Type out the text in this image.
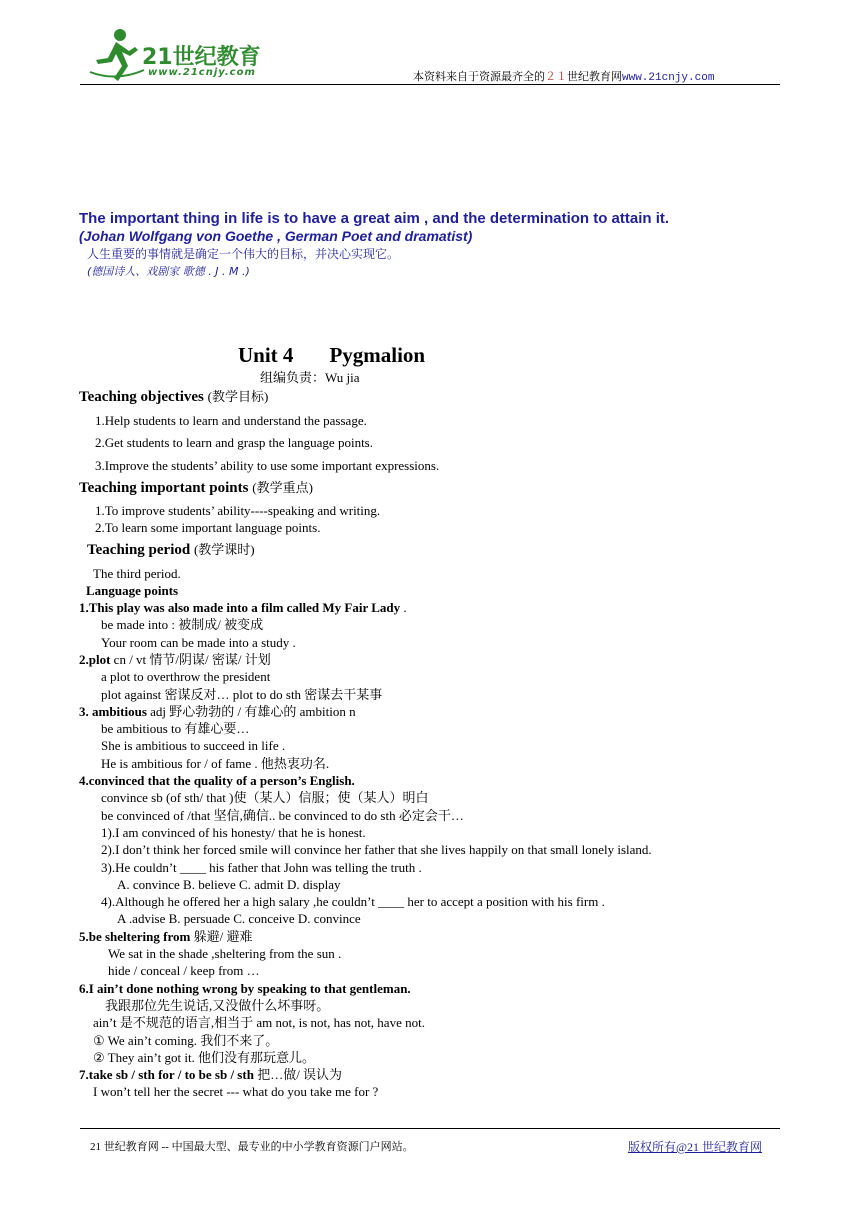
21世纪教育
www.21cnjy.com	本资料来自于资源最齐全的２１世纪教育网www.21cnjy.com
The important thing in life is to have a great aim , and the determination to attain it.
(Johan Wolfgang von Goethe , German Poet and dramatist)
人生重要的事情就是确定一个伟大的目标，并决心实现它。
(德国诗人、戏剧家 歌德 . J . M .)
Unit 4 Pygmalion
组编负责：Wu jia
Teaching objectives (教学目标)
1.Help students to learn and understand the passage.
2.Get students to learn and grasp the language points.
3.Improve the students’ ability to use some important expressions.
Teaching important points (教学重点)
1.To improve students’ ability----speaking and writing.
2.To learn some important language points.
Teaching period (教学课时)
The third period.
Language points
1.This play was also made into a film called My Fair Lady .
be made into : 被制成/ 被变成
Your room can be made into a study .
2.plot cn / vt 情节/阴谋/ 密谋/ 计划
a plot to overthrow the president
plot against 密谋反对… plot to do sth 密谋去干某事
3. ambitious adj 野心勃勃的 / 有雄心的 ambition n
be ambitious to 有雄心要…
She is ambitious to succeed in life .
He is ambitious for / of fame . 他热衷功名.
4.convinced that the quality of a person’s English.
convince sb (of sth/ that )使（某人）信服；使（某人）明白
be convinced of /that 坚信,确信.. be convinced to do sth 必定会干…
1).I am convinced of his honesty/ that he is honest.
2).I don’t think her forced smile will convince her father that she lives happily on that small lonely island.
3).He couldn’t ____ his father that John was telling the truth .
A. convince B. believe C. admit D. display
4).Although he offered her a high salary ,he couldn’t ____ her to accept a position with his firm .
A .advise B. persuade C. conceive D. convince
5.be sheltering from 躲避/ 避难
We sat in the shade ,sheltering from the sun .
hide / conceal / keep from …
6.I ain’t done nothing wrong by speaking to that gentleman.
我跟那位先生说话,又没做什么坏事呀。
ain’t 是不规范的语言,相当于 am not, is not, has not, have not.
① We ain’t coming. 我们不来了。
② They ain’t got it. 他们没有那玩意儿。
7.take sb / sth for / to be sb / sth 把…做/ 误认为
I won’t tell her the secret --- what do you take me for ?
21 世纪教育网 -- 中国最大型、最专业的中小学教育资源门户网站。	版权所有@21 世纪教育网
